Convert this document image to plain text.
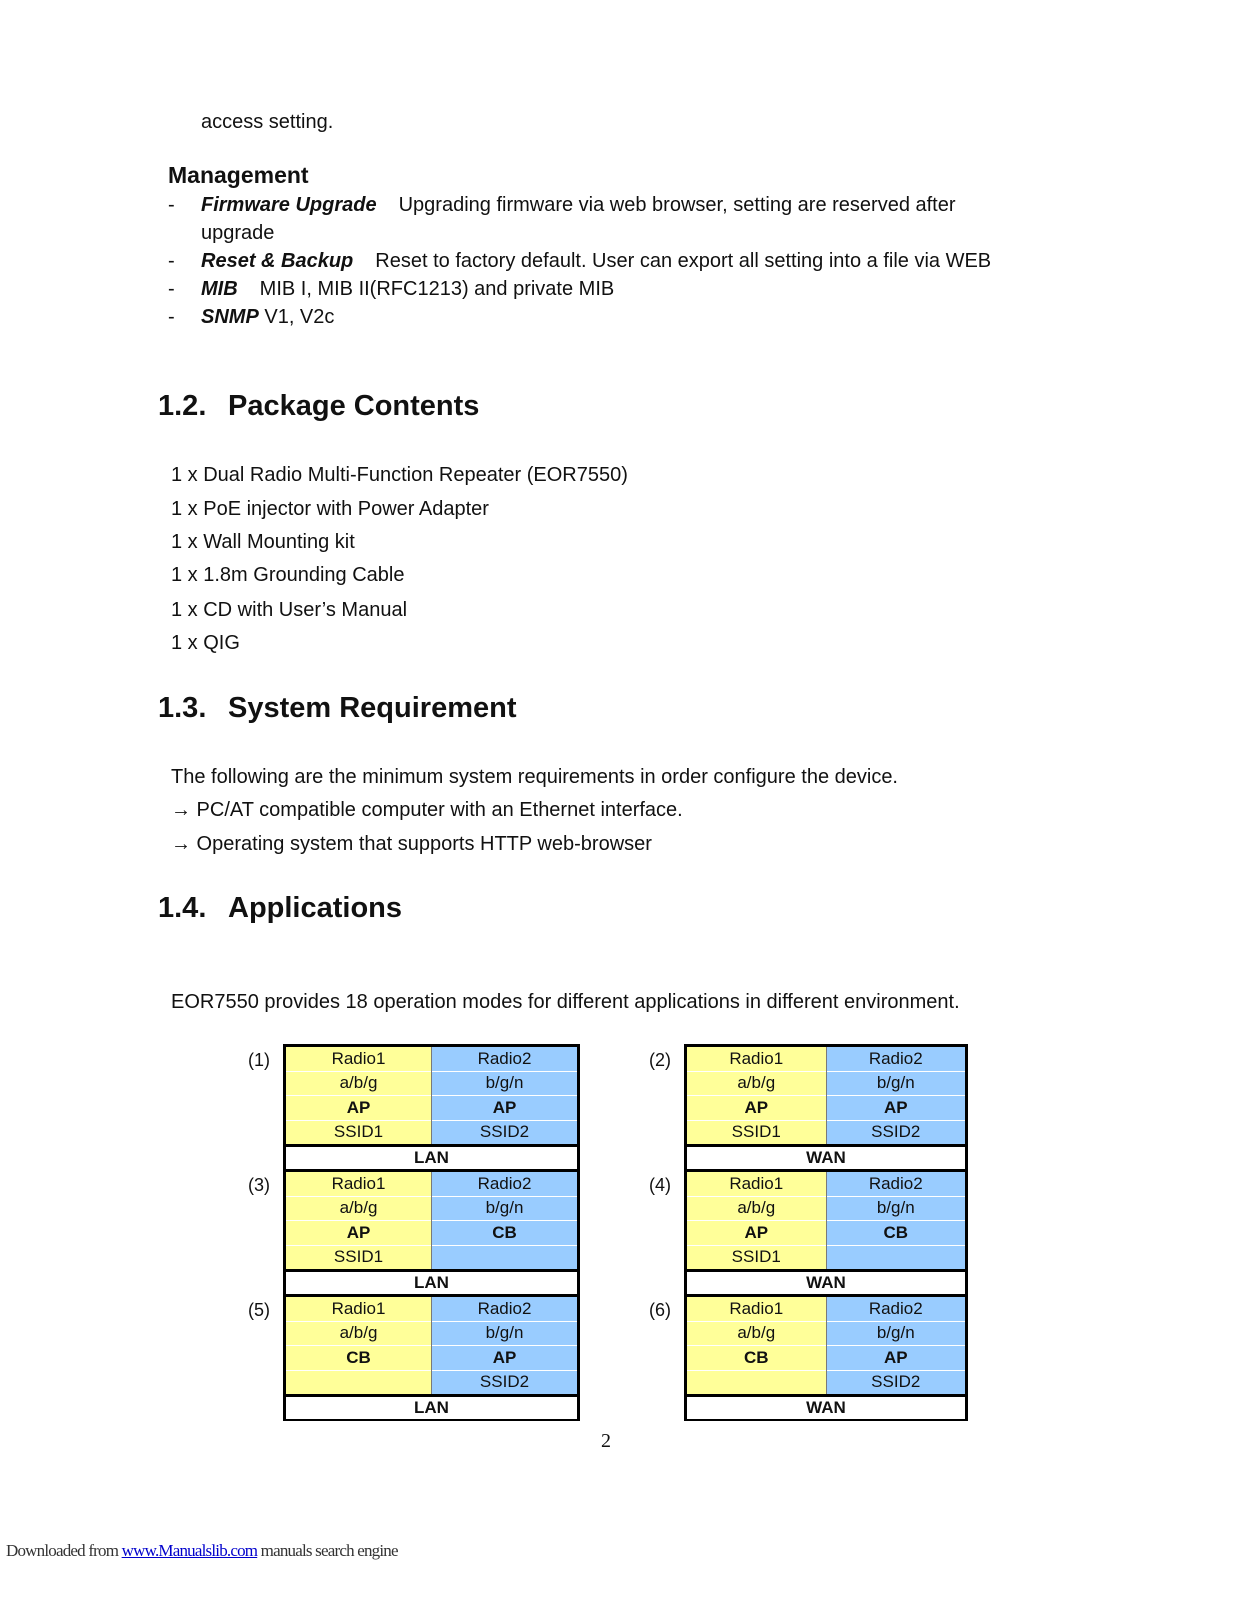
access setting.

Management

- Firmware Upgrade Upgrading firmware via web browser, setting are reserved after

upgrade

- Reset & Backup Reset to factory default. User can export all setting into a file via WEB
- MIB MIB I, MIB II(RFC1213) and private MIB
- SNMP V1, V2c
1.2. Package Contents

1 x Dual Radio Multi-Function Repeater (EOR7550)

1 x PoE injector with Power Adapter

1 x Wall Mounting kit

1 x 1.8m Grounding Cable

1 x CD with User’s Manual

1 x QIG

1.3. System Requirement

The following are the minimum system requirements in order configure the device.

→ PC/AT compatible computer with an Ethernet interface.

→ Operating system that supports HTTP web-browser

1.4. Applications

EOR7550 provides 18 operation modes for different applications in different environment.

(1)
(3)
(5)
(2)
(4)
(6)
Radio1
a/b/g
AP
SSID1
Radio2
b/g/n
AP
SSID2
LAN
Radio1
a/b/g
AP
SSID1
Radio2
b/g/n
CB
LAN
Radio1
a/b/g
CB
Radio2
b/g/n
AP
SSID2
LAN
Radio1
a/b/g
AP
SSID1
Radio2
b/g/n
AP
SSID2
WAN
Radio1
a/b/g
AP
SSID1
Radio2
b/g/n
CB
WAN
Radio1
a/b/g
CB
Radio2
b/g/n
AP
SSID2
WAN

2

Downloaded from www.Manualslib.com manuals search engine
